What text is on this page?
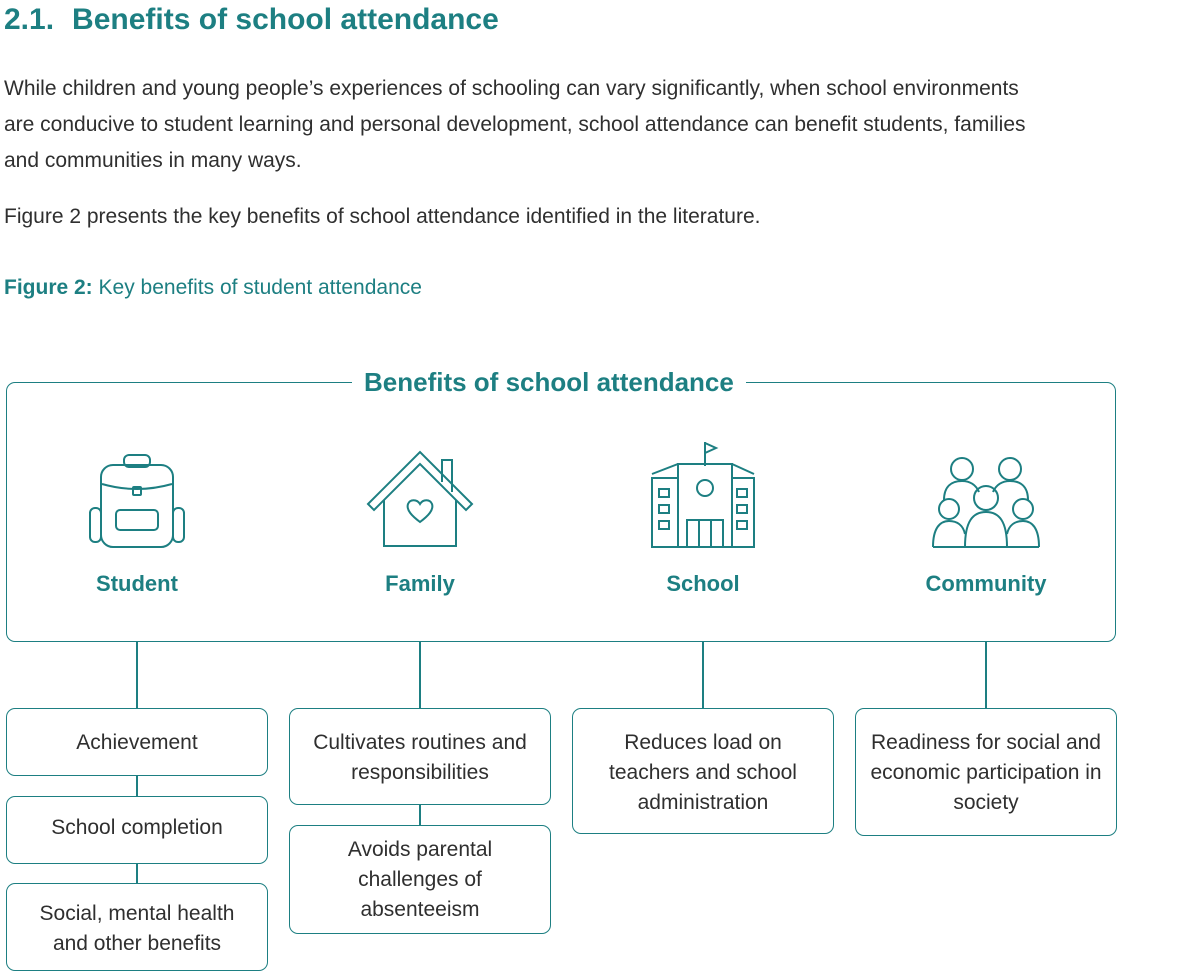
2.1. Benefits of school attendance

While children and young people’s experiences of schooling can vary significantly, when school environments are conducive to student learning and personal development, school attendance can benefit students, families and communities in many ways.

Figure 2 presents the key benefits of school attendance identified in the literature.

Figure 2: Key benefits of student attendance

Benefits of school attendance
Student	Family	School	Community
Achievement
School completion
Social, mental health and other benefits
Cultivates routines and responsibilities
Avoids parental challenges of absenteeism
Reduces load on teachers and school administration
Readiness for social and economic participation in society
